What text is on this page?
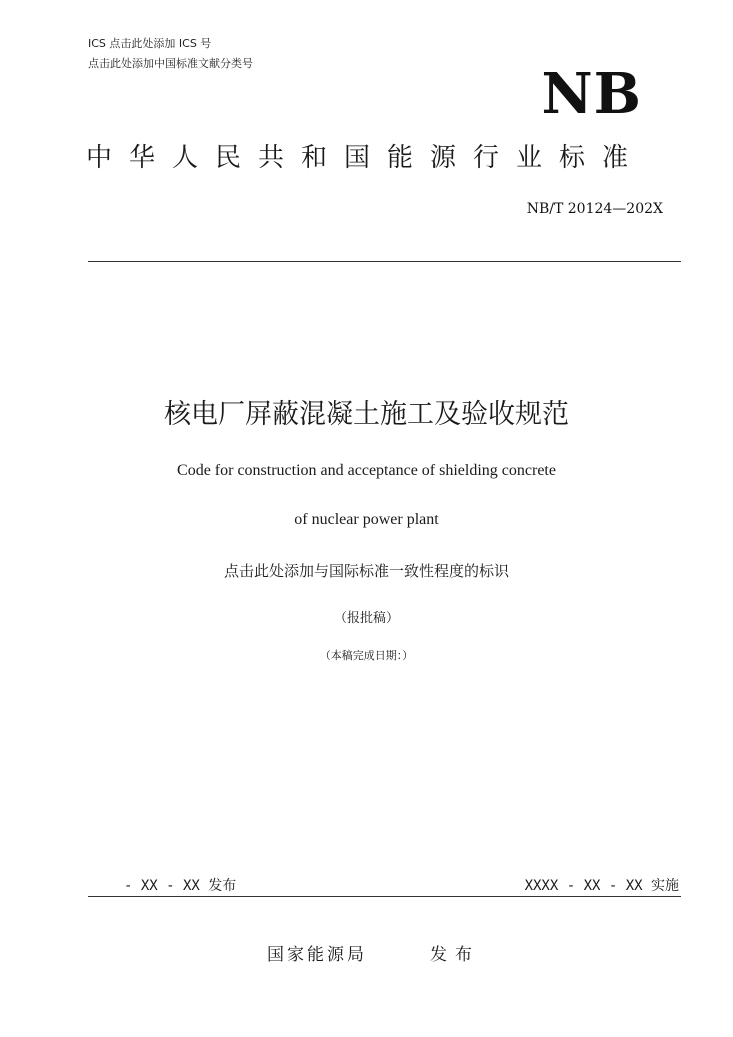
ICS 点击此处添加 ICS 号
点击此处添加中国标准文献分类号	NB
中华人民共和国能源行业标准
NB/T 20124—202X
核电厂屏蔽混凝土施工及验收规范
Code for construction and acceptance of shielding concrete
of nuclear power plant
点击此处添加与国际标准一致性程度的标识
（报批稿）
（本稿完成日期：）
- XX - XX 发布	XXXX - XX - XX 实施
国家能源局	发布
